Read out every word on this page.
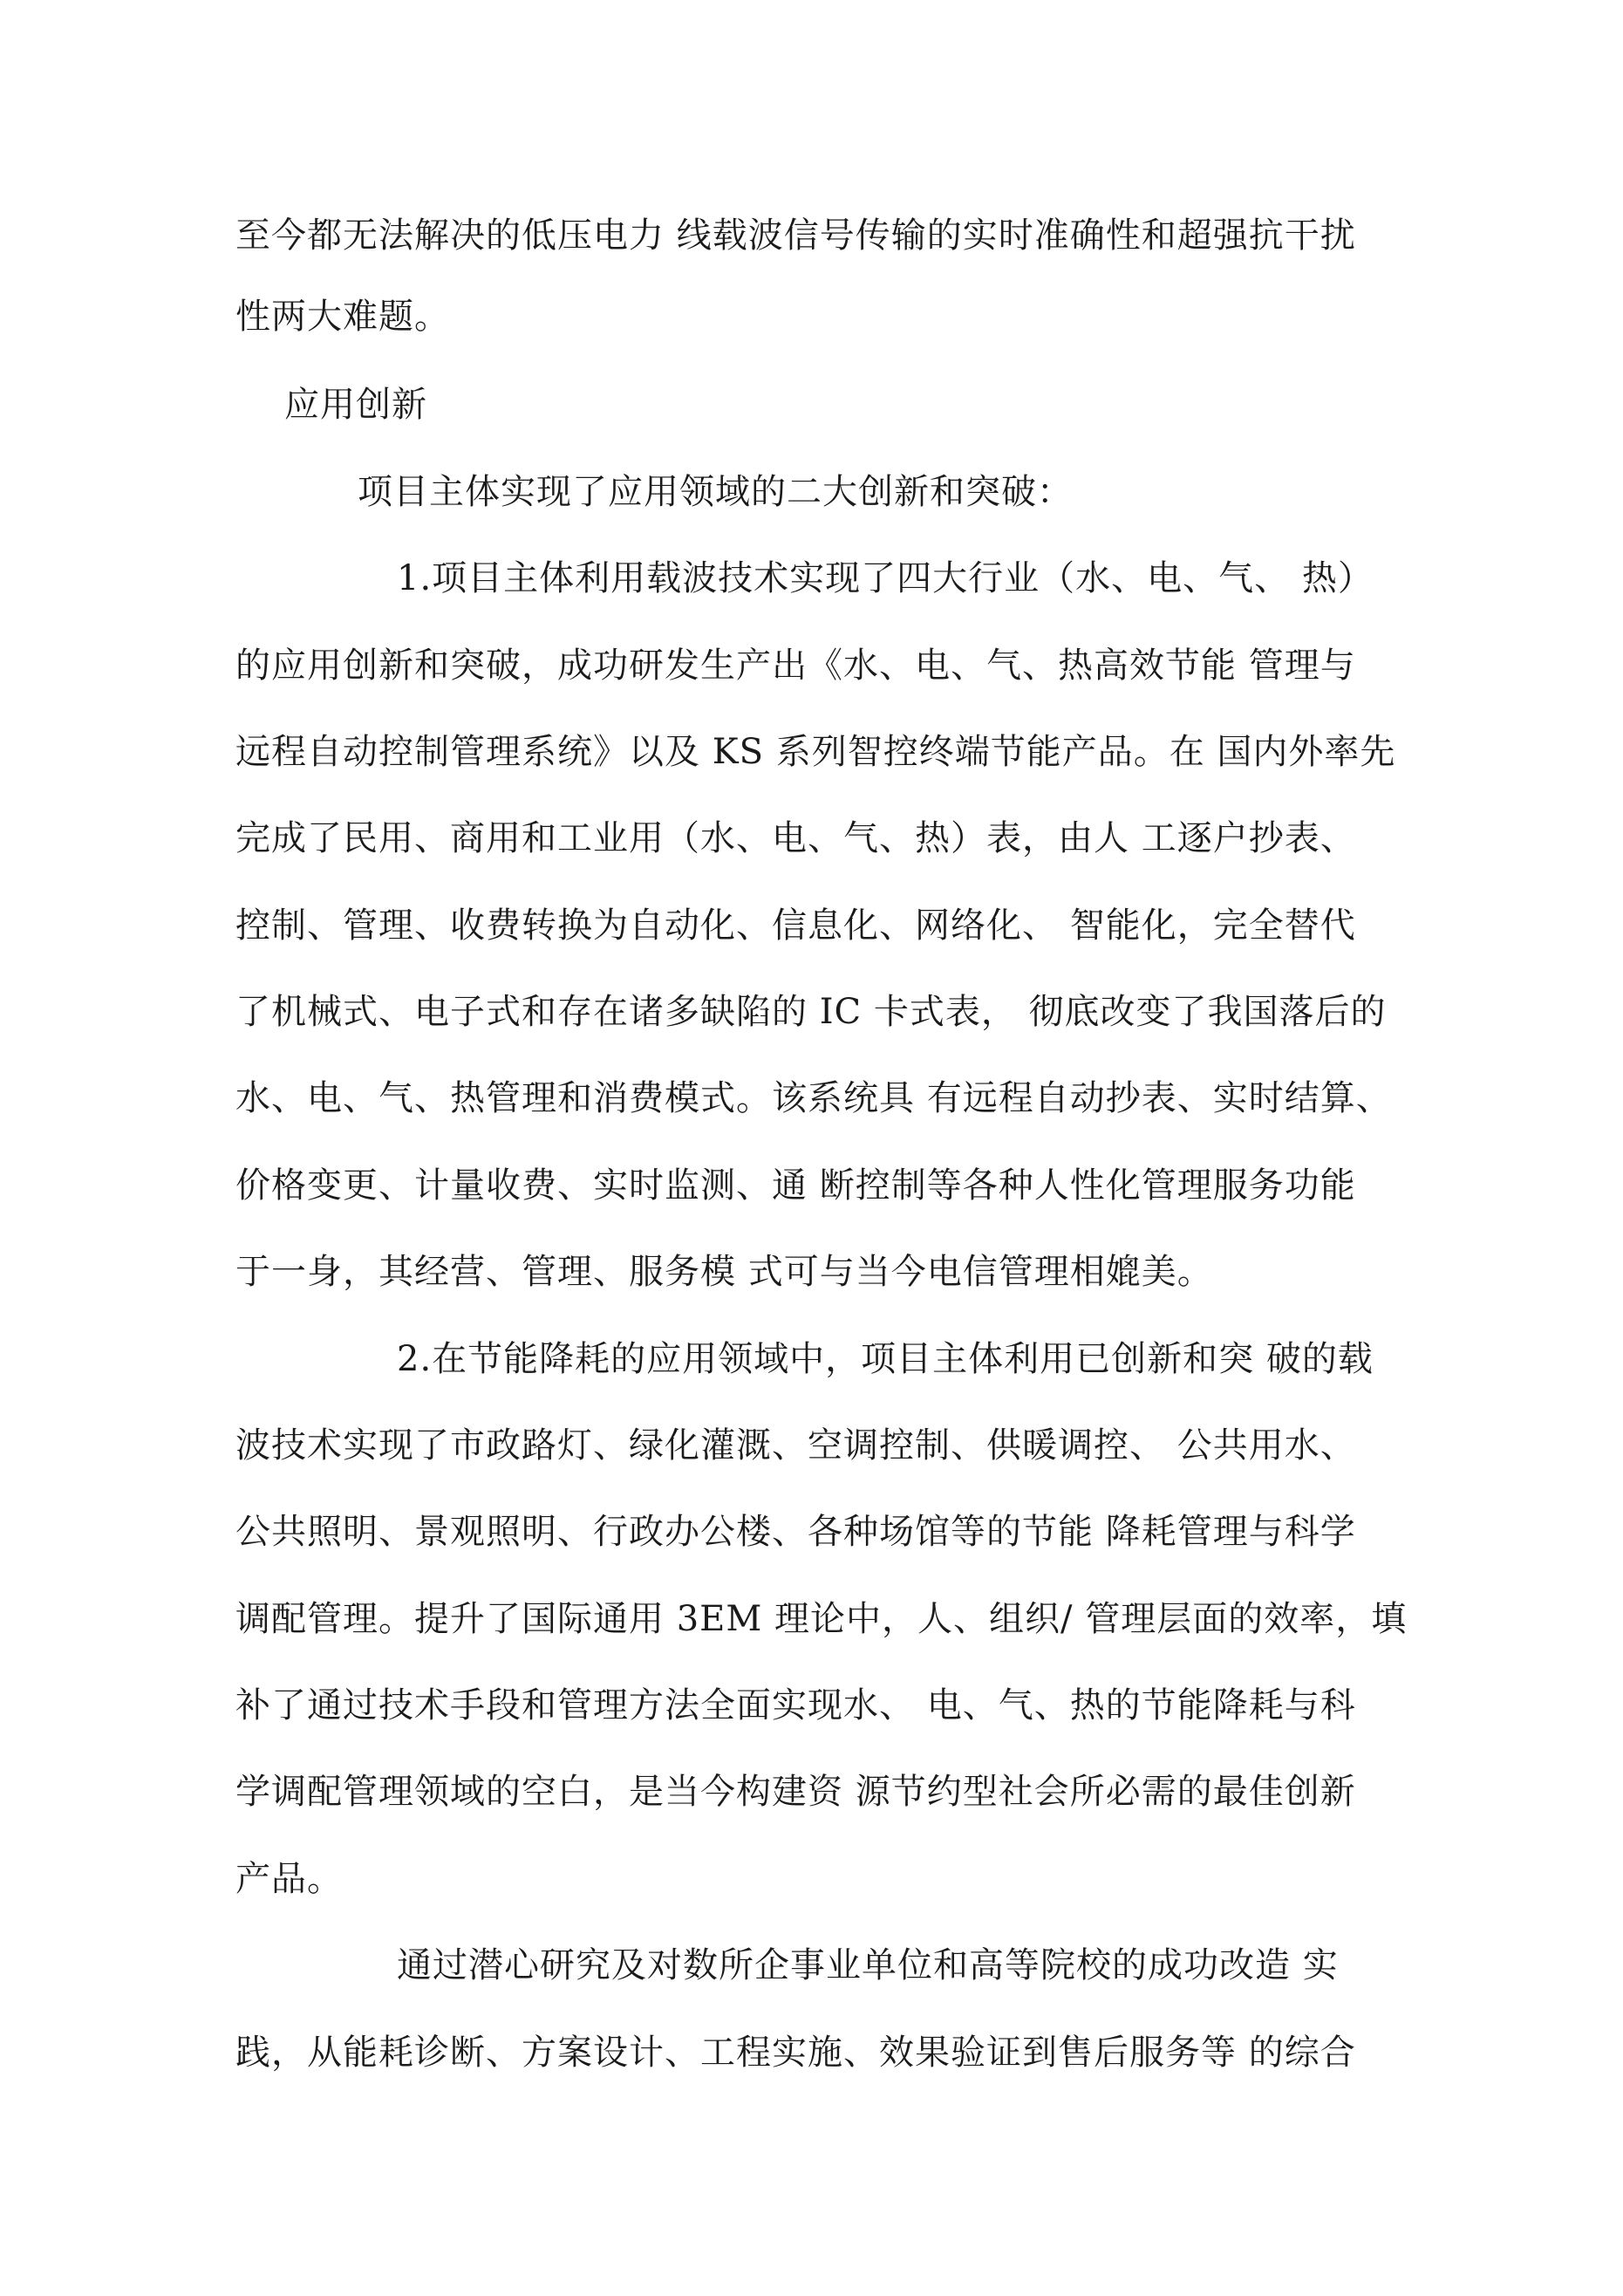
至今都无法解决的低压电力 线载波信号传输的实时准确性和超强抗干扰
性两大难题。
应用创新
项目主体实现了应用领域的二大创新和突破：
1.项目主体利用载波技术实现了四大行业（水、电、气、 热）
的应用创新和突破，成功研发生产出《水、电、气、热高效节能 管理与
远程自动控制管理系统》以及 KS 系列智控终端节能产品。在 国内外率先
完成了民用、商用和工业用（水、电、气、热）表，由人 工逐户抄表、
控制、管理、收费转换为自动化、信息化、网络化、 智能化，完全替代
了机械式、电子式和存在诸多缺陷的 IC 卡式表， 彻底改变了我国落后的
水、电、气、热管理和消费模式。该系统具 有远程自动抄表、实时结算、
价格变更、计量收费、实时监测、通 断控制等各种人性化管理服务功能
于一身，其经营、管理、服务模 式可与当今电信管理相媲美。
2.在节能降耗的应用领域中，项目主体利用已创新和突 破的载
波技术实现了市政路灯、绿化灌溉、空调控制、供暖调控、 公共用水、
公共照明、景观照明、行政办公楼、各种场馆等的节能 降耗管理与科学
调配管理。提升了国际通用 3EM 理论中，人、组织/ 管理层面的效率，填
补了通过技术手段和管理方法全面实现水、 电、气、热的节能降耗与科
学调配管理领域的空白，是当今构建资 源节约型社会所必需的最佳创新
产品。
通过潜心研究及对数所企事业单位和高等院校的成功改造 实
践，从能耗诊断、方案设计、工程实施、效果验证到售后服务等 的综合
